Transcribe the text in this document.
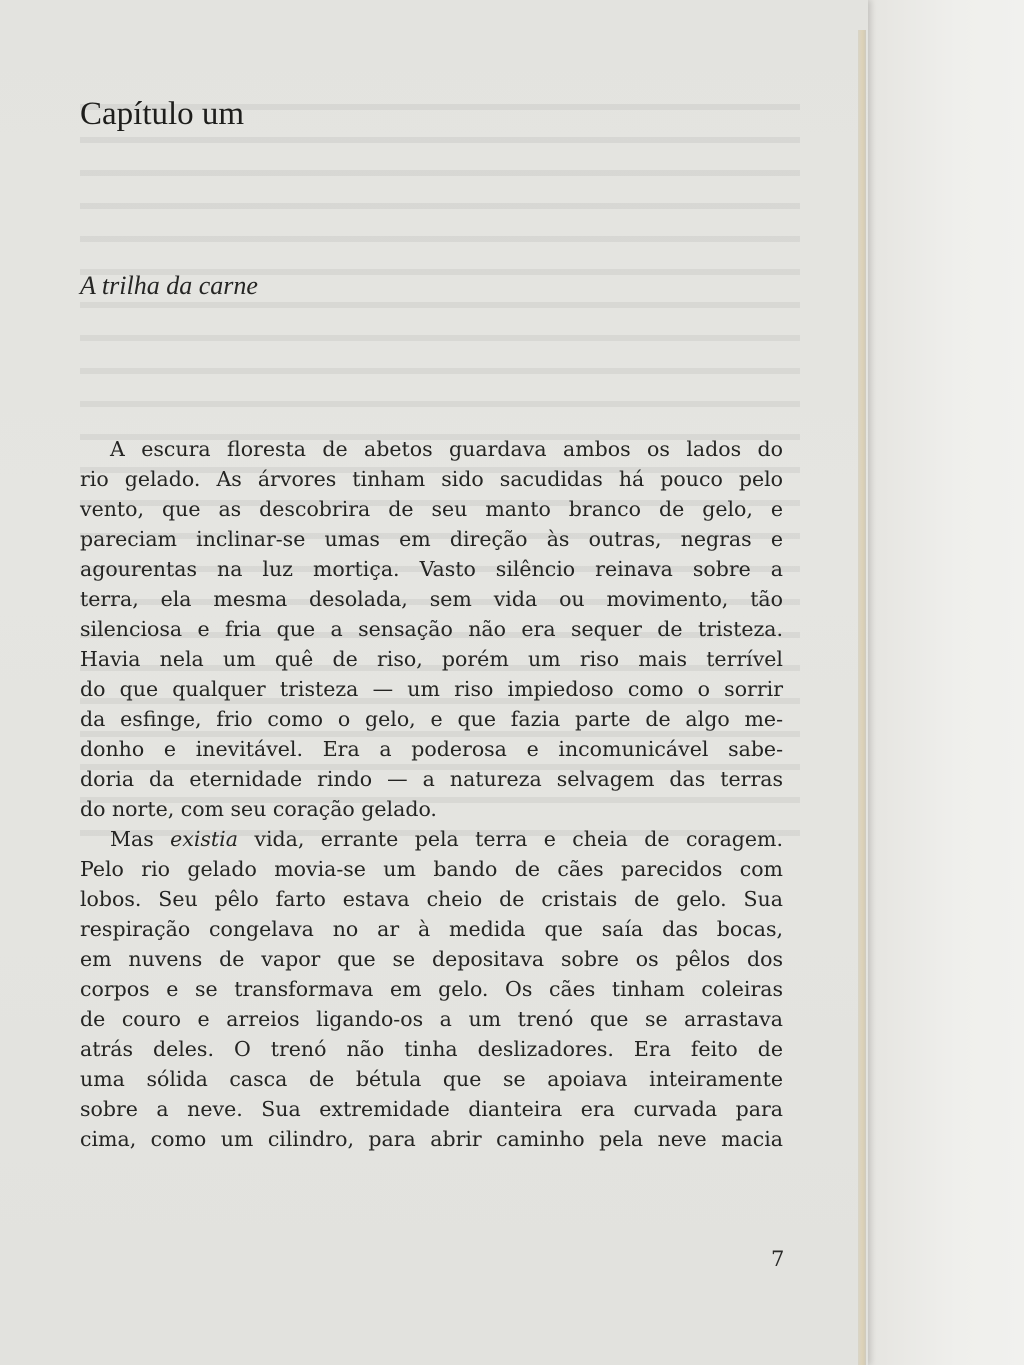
Capítulo um
A trilha da carne
A escura floresta de abetos guardava ambos os lados do
rio gelado. As árvores tinham sido sacudidas há pouco pelo
vento, que as descobrira de seu manto branco de gelo, e
pareciam inclinar-se umas em direção às outras, negras e
agourentas na luz mortiça. Vasto silêncio reinava sobre a
terra, ela mesma desolada, sem vida ou movimento, tão
silenciosa e fria que a sensação não era sequer de tristeza.
Havia nela um quê de riso, porém um riso mais terrível
do que qualquer tristeza — um riso impiedoso como o sorrir
da esfinge, frio como o gelo, e que fazia parte de algo me-
donho e inevitável. Era a poderosa e incomunicável sabe-
doria da eternidade rindo — a natureza selvagem das terras
do norte, com seu coração gelado.
Mas existia vida, errante pela terra e cheia de coragem.
Pelo rio gelado movia-se um bando de cães parecidos com
lobos. Seu pêlo farto estava cheio de cristais de gelo. Sua
respiração congelava no ar à medida que saía das bocas,
em nuvens de vapor que se depositava sobre os pêlos dos
corpos e se transformava em gelo. Os cães tinham coleiras
de couro e arreios ligando-os a um trenó que se arrastava
atrás deles. O trenó não tinha deslizadores. Era feito de
uma sólida casca de bétula que se apoiava inteiramente
sobre a neve. Sua extremidade dianteira era curvada para
cima, como um cilindro, para abrir caminho pela neve macia
7
